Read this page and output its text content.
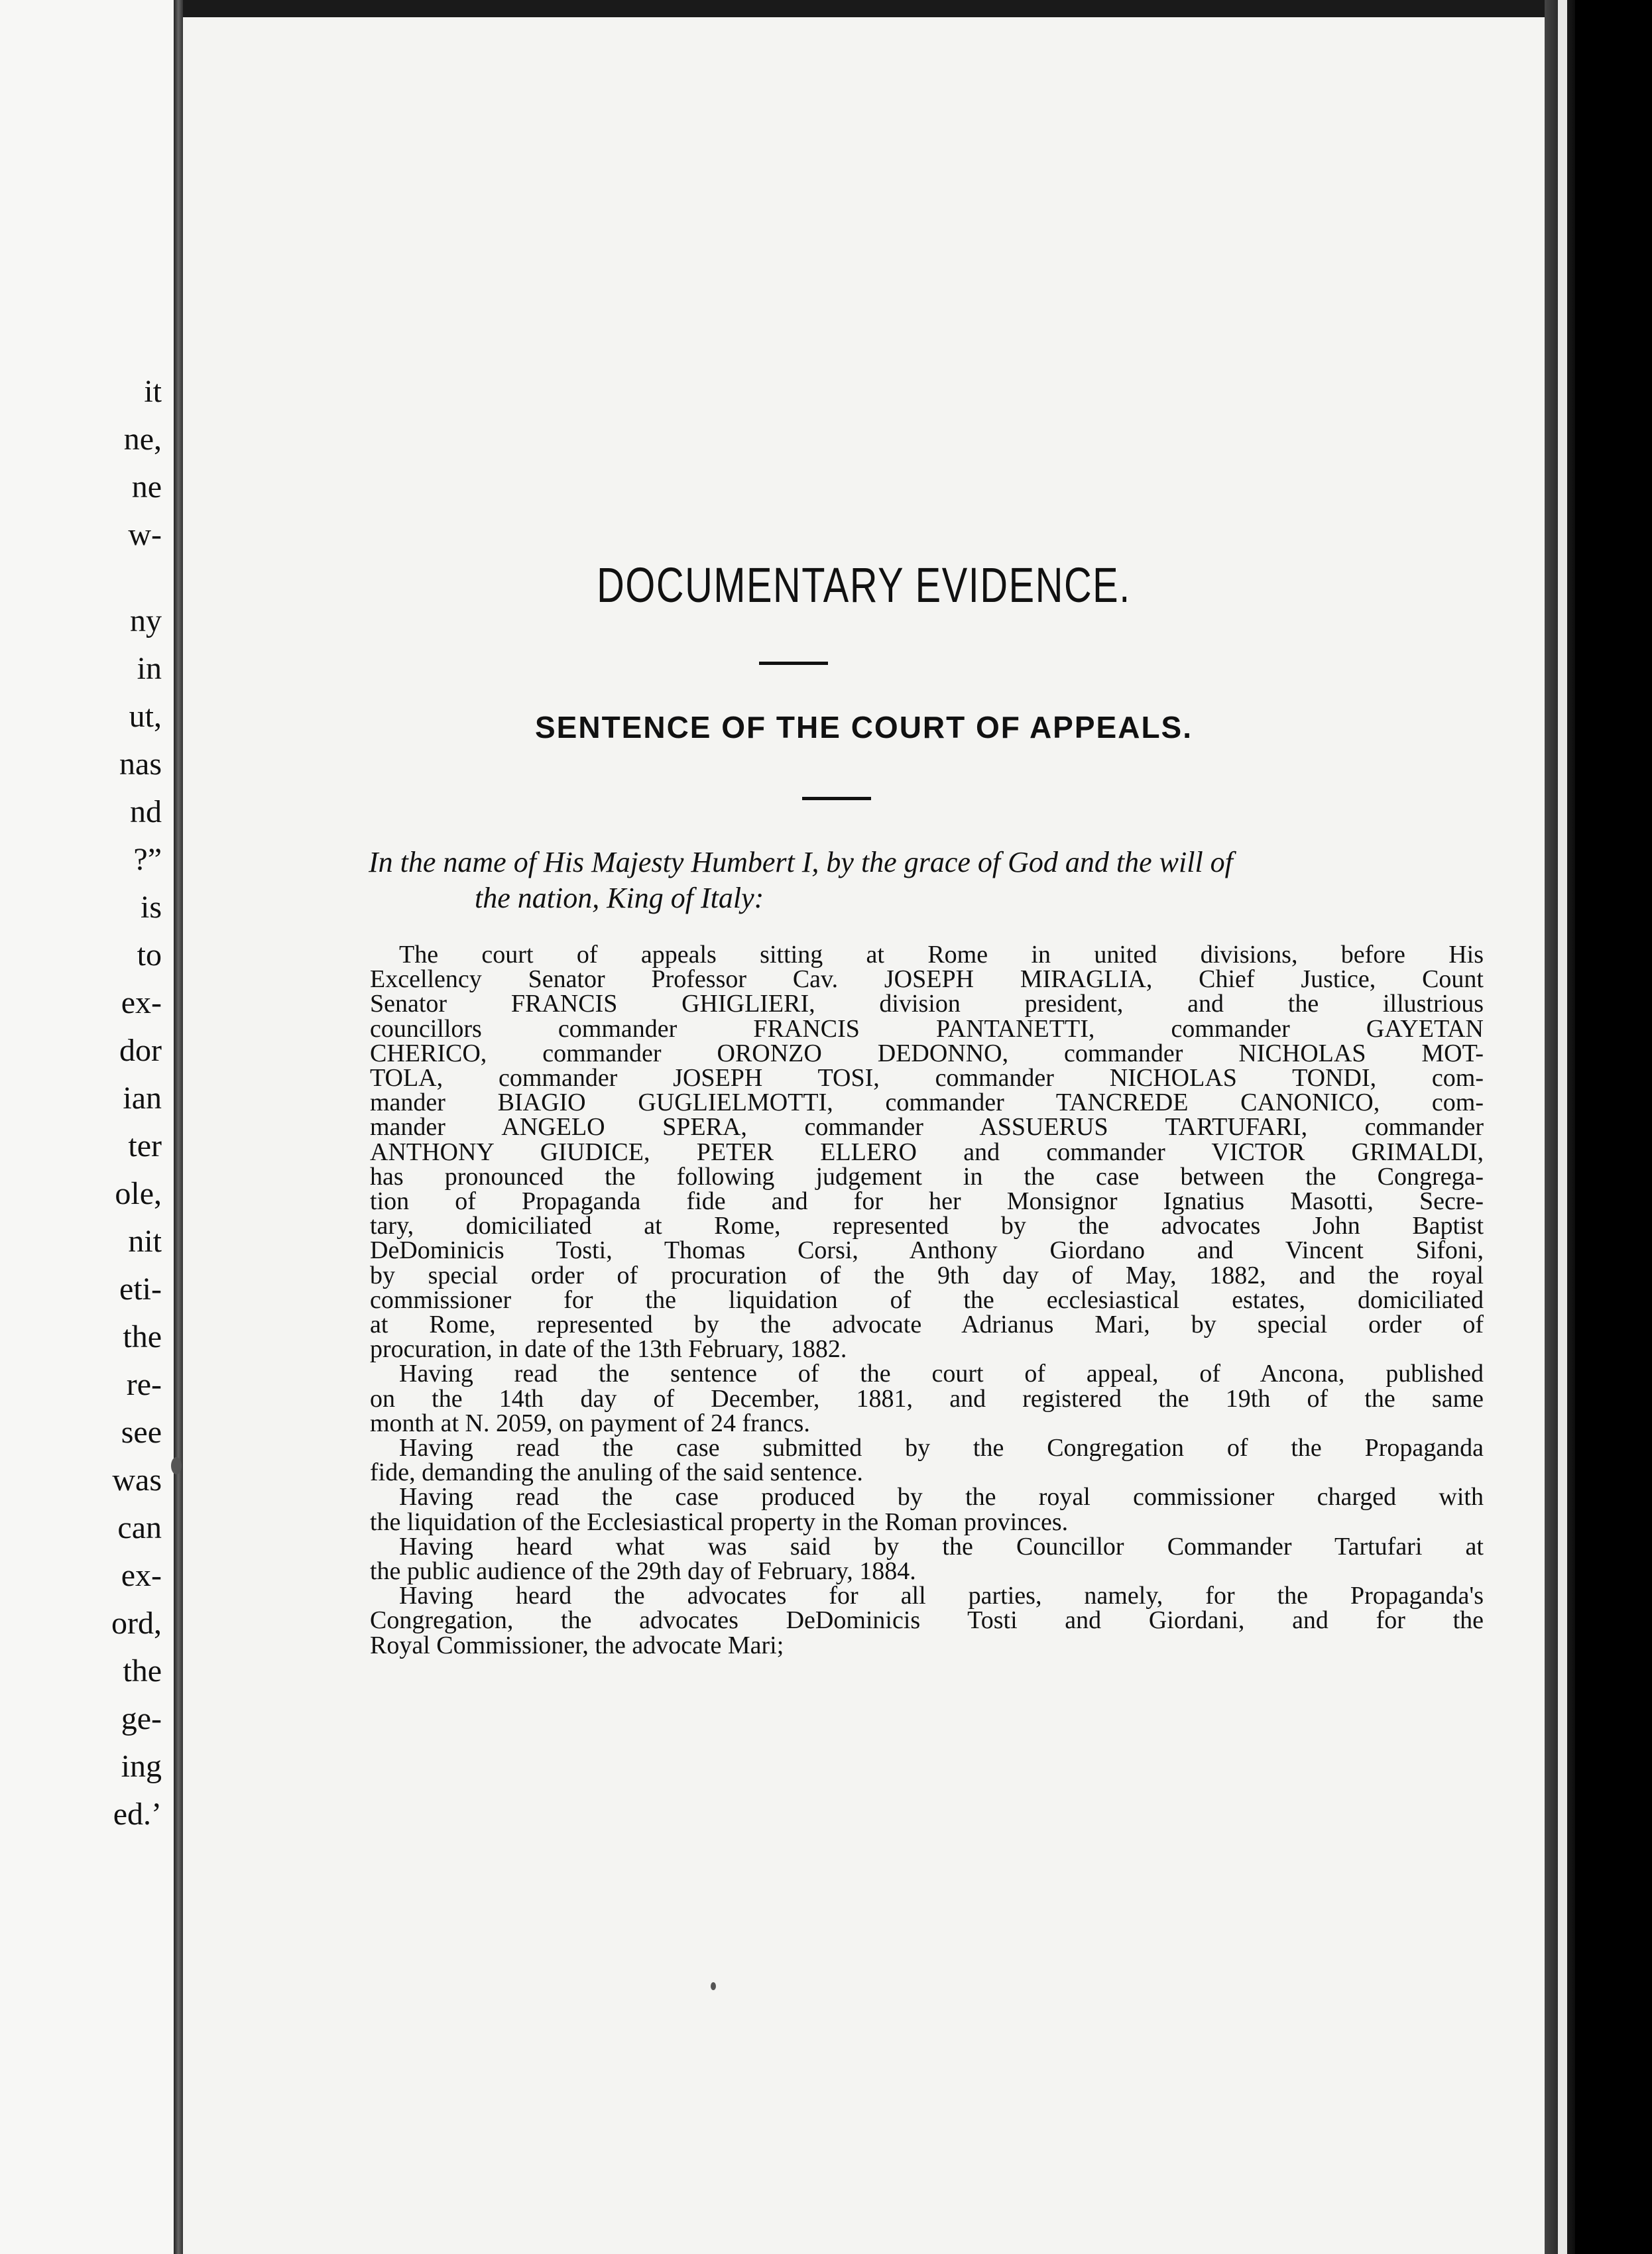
it
ne,
ne
w-
ny
in
ut,
nas
nd
?”
is
to
ex-
dor
ian
ter
ole,
nit
eti-
the
re-
see
was
can
ex-
ord,
the
ge-
ing
ed.’
DOCUMENTARY EVIDENCE.
SENTENCE OF THE COURT OF APPEALS.
In the name of His Majesty Humbert I, by the grace of God and the will of
the nation, King of Italy:
The court of appeals sitting at Rome in united divisions, before His
Excellency Senator Professor Cav. JOSEPH MIRAGLIA, Chief Justice, Count
Senator FRANCIS GHIGLIERI, division president, and the illustrious
councillors commander FRANCIS PANTANETTI, commander GAYETAN
CHERICO, commander ORONZO DEDONNO, commander NICHOLAS MOT-
TOLA, commander JOSEPH TOSI, commander NICHOLAS TONDI, com-
mander BIAGIO GUGLIELMOTTI, commander TANCREDE CANONICO, com-
mander ANGELO SPERA, commander ASSUERUS TARTUFARI, commander
ANTHONY GIUDICE, PETER ELLERO and commander VICTOR GRIMALDI,
has pronounced the following judgement in the case between the Congrega-
tion of Propaganda fide and for her Monsignor Ignatius Masotti, Secre-
tary, domiciliated at Rome, represented by the advocates John Baptist
DeDominicis Tosti, Thomas Corsi, Anthony Giordano and Vincent Sifoni,
by special order of procuration of the 9th day of May, 1882, and the royal
commissioner for the liquidation of the ecclesiastical estates, domiciliated
at Rome, represented by the advocate Adrianus Mari, by special order of
procuration, in date of the 13th February, 1882.
Having read the sentence of the court of appeal, of Ancona, published
on the 14th day of December, 1881, and registered the 19th of the same
month at N. 2059, on payment of 24 francs.
Having read the case submitted by the Congregation of the Propaganda
fide, demanding the anuling of the said sentence.
Having read the case produced by the royal commissioner charged with
the liquidation of the Ecclesiastical property in the Roman provinces.
Having heard what was said by the Councillor Commander Tartufari at
the public audience of the 29th day of February, 1884.
Having heard the advocates for all parties, namely, for the Propaganda's
Congregation, the advocates DeDominicis Tosti and Giordani, and for the
Royal Commissioner, the advocate Mari;
